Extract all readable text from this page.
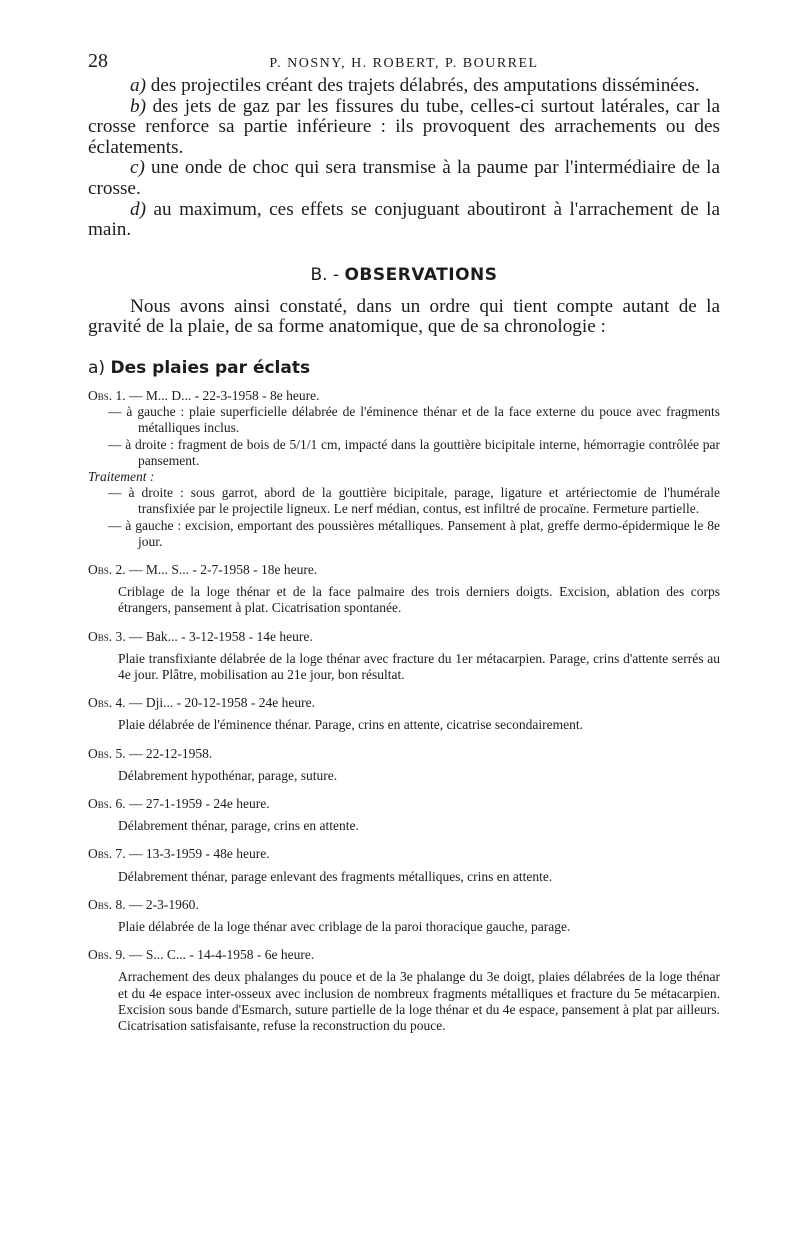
28	P. NOSNY, H. ROBERT, P. BOURREL

a) des projectiles créant des trajets délabrés, des amputations disséminées.

b) des jets de gaz par les fissures du tube, celles-ci surtout latérales, car la crosse renforce sa partie inférieure : ils provoquent des arrachements ou des éclatements.

c) une onde de choc qui sera transmise à la paume par l'intermédiaire de la crosse.

d) au maximum, ces effets se conjuguant aboutiront à l'arrachement de la main.

B. - OBSERVATIONS

Nous avons ainsi constaté, dans un ordre qui tient compte autant de la gravité de la plaie, de sa forme anatomique, que de sa chronologie :

a) Des plaies par éclats

Obs. 1. — M... D... - 22-3-1958 - 8e heure.

— à gauche : plaie superficielle délabrée de l'éminence thénar et de la face externe du pouce avec fragments métalliques inclus.

— à droite : fragment de bois de 5/1/1 cm, impacté dans la gouttière bicipitale interne, hémorragie contrôlée par pansement.

Traitement :

— à droite : sous garrot, abord de la gouttière bicipitale, parage, ligature et artériectomie de l'humérale transfixiée par le projectile ligneux. Le nerf médian, contus, est infiltré de procaïne. Fermeture partielle.

— à gauche : excision, emportant des poussières métalliques. Pansement à plat, greffe dermo-épidermique le 8e jour.

Obs. 2. — M... S... - 2-7-1958 - 18e heure.

Criblage de la loge thénar et de la face palmaire des trois derniers doigts. Excision, ablation des corps étrangers, pansement à plat. Cicatrisation spontanée.

Obs. 3. — Bak... - 3-12-1958 - 14e heure.

Plaie transfixiante délabrée de la loge thénar avec fracture du 1er métacarpien. Parage, crins d'attente serrés au 4e jour. Plâtre, mobilisation au 21e jour, bon résultat.

Obs. 4. — Dji... - 20-12-1958 - 24e heure.

Plaie délabrée de l'éminence thénar. Parage, crins en attente, cicatrise secondairement.

Obs. 5. — 22-12-1958.

Délabrement hypothénar, parage, suture.

Obs. 6. — 27-1-1959 - 24e heure.

Délabrement thénar, parage, crins en attente.

Obs. 7. — 13-3-1959 - 48e heure.

Délabrement thénar, parage enlevant des fragments métalliques, crins en attente.

Obs. 8. — 2-3-1960.

Plaie délabrée de la loge thénar avec criblage de la paroi thoracique gauche, parage.

Obs. 9. — S... C... - 14-4-1958 - 6e heure.

Arrachement des deux phalanges du pouce et de la 3e phalange du 3e doigt, plaies délabrées de la loge thénar et du 4e espace inter-osseux avec inclusion de nombreux fragments métalliques et fracture du 5e métacarpien. Excision sous bande d'Esmarch, suture partielle de la loge thénar et du 4e espace, pansement à plat par ailleurs. Cicatrisation satisfaisante, refuse la reconstruction du pouce.
